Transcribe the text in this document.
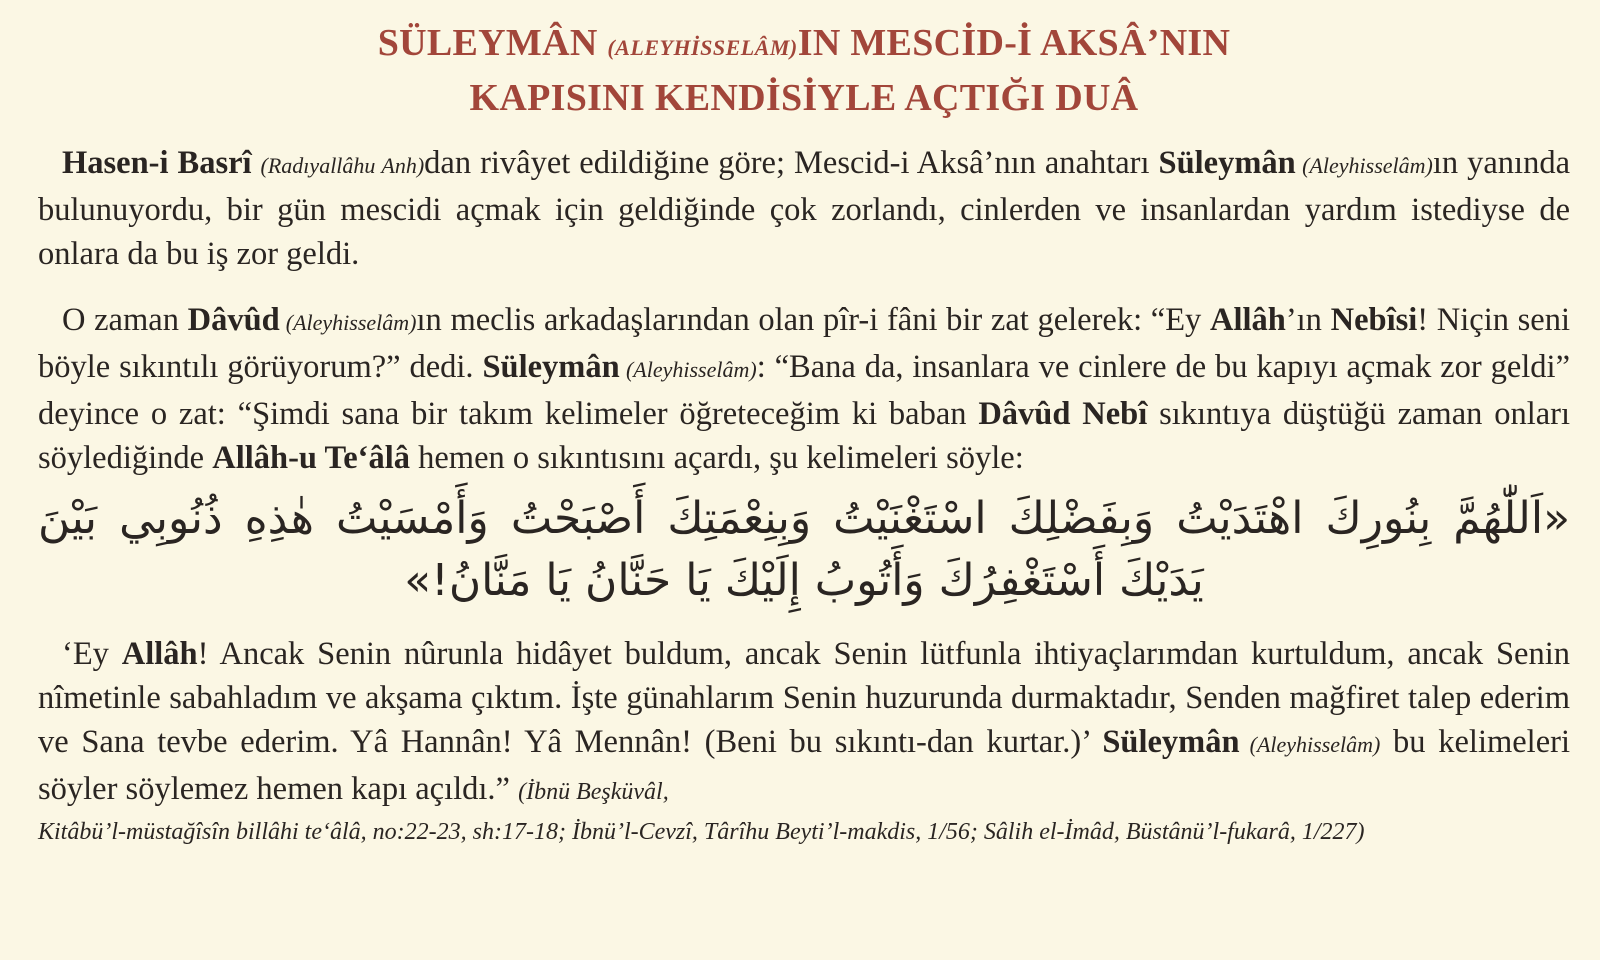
SÜLEYMÂN (ALEYHİSSELÂM)IN MESCİD-İ AKSÂ’NIN
KAPISINI KENDİSİYLE AÇTIĞI DUÂ

Hasen-i Basrî (Radıyallâhu Anh)dan rivâyet edildiğine göre; Mescid-i Aksâ’nın anahtarı Süleymân (Aleyhisselâm)ın yanında bulunuyordu, bir gün mescidi açmak için geldiğinde çok zorlandı, cinlerden ve insanlardan yardım istediyse de onlara da bu iş zor geldi.

O zaman Dâvûd (Aleyhisselâm)ın meclis arkadaşlarından olan pîr-i fâni bir zat gelerek: “Ey Allâh’ın Nebîsi! Niçin seni böyle sıkıntılı görüyorum?” dedi. Süleymân (Aleyhisselâm): “Bana da, insanlara ve cinlere de bu kapıyı açmak zor geldi” deyince o zat: “Şimdi sana bir takım kelimeler öğreteceğim ki baban Dâvûd Nebî sıkıntıya düştüğü zaman onları söylediğinde Allâh-u Te‘âlâ hemen o sıkıntısını açardı, şu kelimeleri söyle:

«اَللّٰهُمَّ بِنُورِكَ اهْتَدَيْتُ وَبِفَضْلِكَ اسْتَغْنَيْتُ وَبِنِعْمَتِكَ أَصْبَحْتُ وَأَمْسَيْتُ هٰذِهِ ذُنُوبِي بَيْنَ
يَدَيْكَ أَسْتَغْفِرُكَ وَأَتُوبُ إِلَيْكَ يَا حَنَّانُ يَا مَنَّانُ!»

‘Ey Allâh! Ancak Senin nûrunla hidâyet buldum, ancak Senin lütfunla ihtiyaçlarımdan kurtuldum, ancak Senin nîmetinle sabahladım ve akşama çıktım. İşte günahlarım Senin huzurunda durmaktadır, Senden mağfiret talep ederim ve Sana tevbe ederim. Yâ Hannân! Yâ Mennân! (Beni bu sıkıntı-dan kurtar.)’ Süleymân (Aleyhisselâm) bu kelimeleri söyler söylemez hemen kapı açıldı.” (İbnü Beşküvâl,

Kitâbü’l-müstağîsîn billâhi te‘âlâ, no:22-23, sh:17-18; İbnü’l-Cevzî, Târîhu Beyti’l-makdis, 1/56; Sâlih el-İmâd, Büstânü’l-fukarâ, 1/227)
